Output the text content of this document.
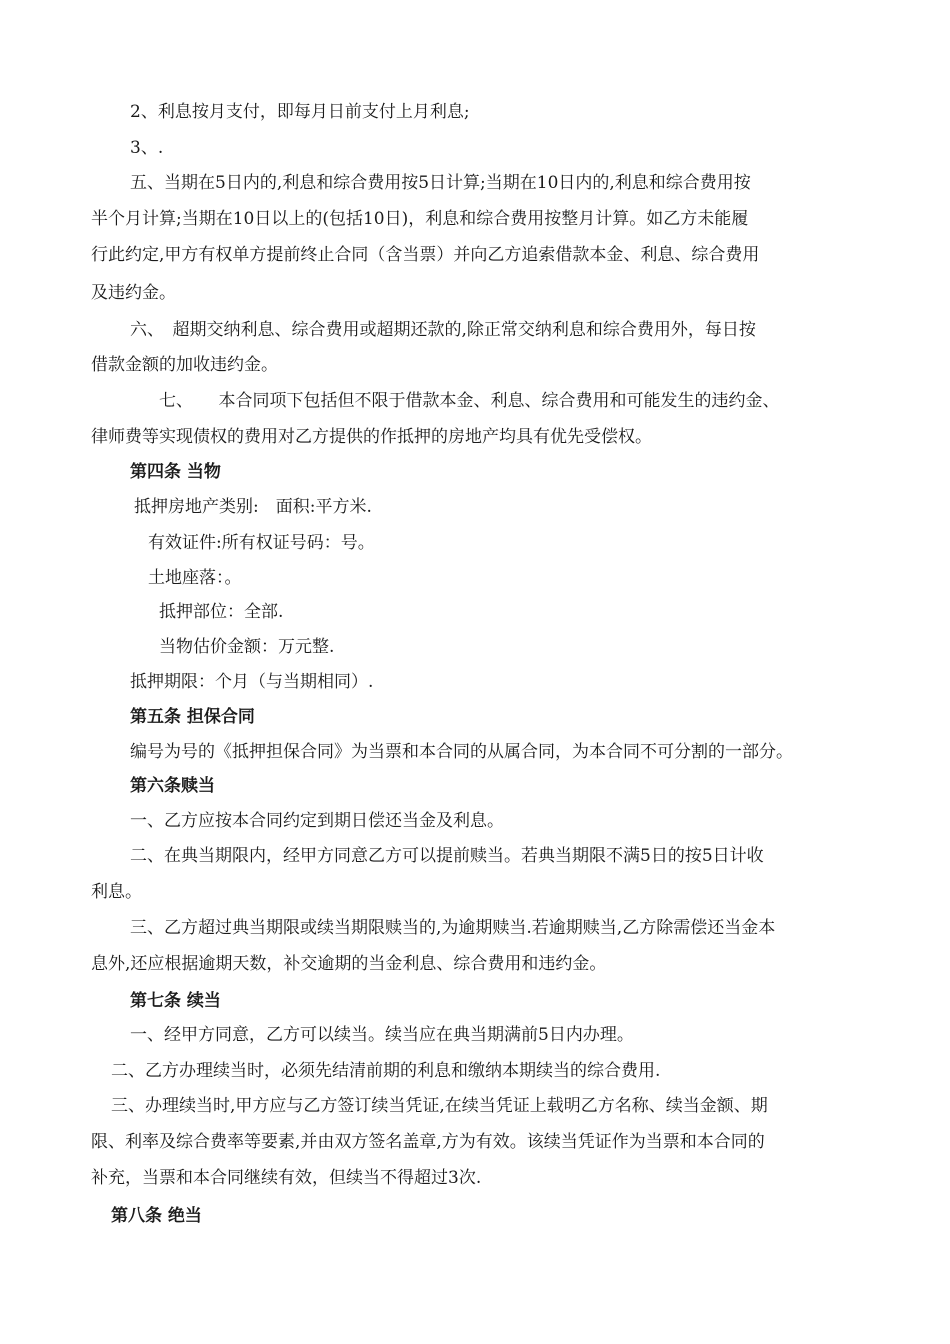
2、利息按月支付，即每月日前支付上月利息;
3、.
五、当期在5日内的,利息和综合费用按5日计算;当期在10日内的,利息和综合费用按
半个月计算;当期在10日以上的(包括10日)，利息和综合费用按整月计算。如乙方未能履
行此约定,甲方有权单方提前终止合同（含当票）并向乙方追索借款本金、利息、综合费用
及违约金。
六、　超期交纳利息、综合费用或超期还款的,除正常交纳利息和综合费用外，每日按
借款金额的加收违约金。
七、　　本合同项下包括但不限于借款本金、利息、综合费用和可能发生的违约金、
律师费等实现债权的费用对乙方提供的作抵押的房地产均具有优先受偿权。
第四条 当物
抵押房地产类别:　面积:平方米.
有效证件:所有权证号码：号。
土地座落：。
抵押部位：全部.
当物估价金额：万元整.
抵押期限：个月（与当期相同）.
第五条 担保合同
编号为号的《抵押担保合同》为当票和本合同的从属合同，为本合同不可分割的一部分。
第六条赎当
一、乙方应按本合同约定到期日偿还当金及利息。
二、在典当期限内，经甲方同意乙方可以提前赎当。若典当期限不满5日的按5日计收
利息。
三、乙方超过典当期限或续当期限赎当的,为逾期赎当.若逾期赎当,乙方除需偿还当金本
息外,还应根据逾期天数，补交逾期的当金利息、综合费用和违约金。
第七条 续当
一、经甲方同意，乙方可以续当。续当应在典当期满前5日内办理。
二、乙方办理续当时，必须先结清前期的利息和缴纳本期续当的综合费用.
三、办理续当时,甲方应与乙方签订续当凭证,在续当凭证上载明乙方名称、续当金额、期
限、利率及综合费率等要素,并由双方签名盖章,方为有效。该续当凭证作为当票和本合同的
补充，当票和本合同继续有效，但续当不得超过3次.
第八条 绝当
